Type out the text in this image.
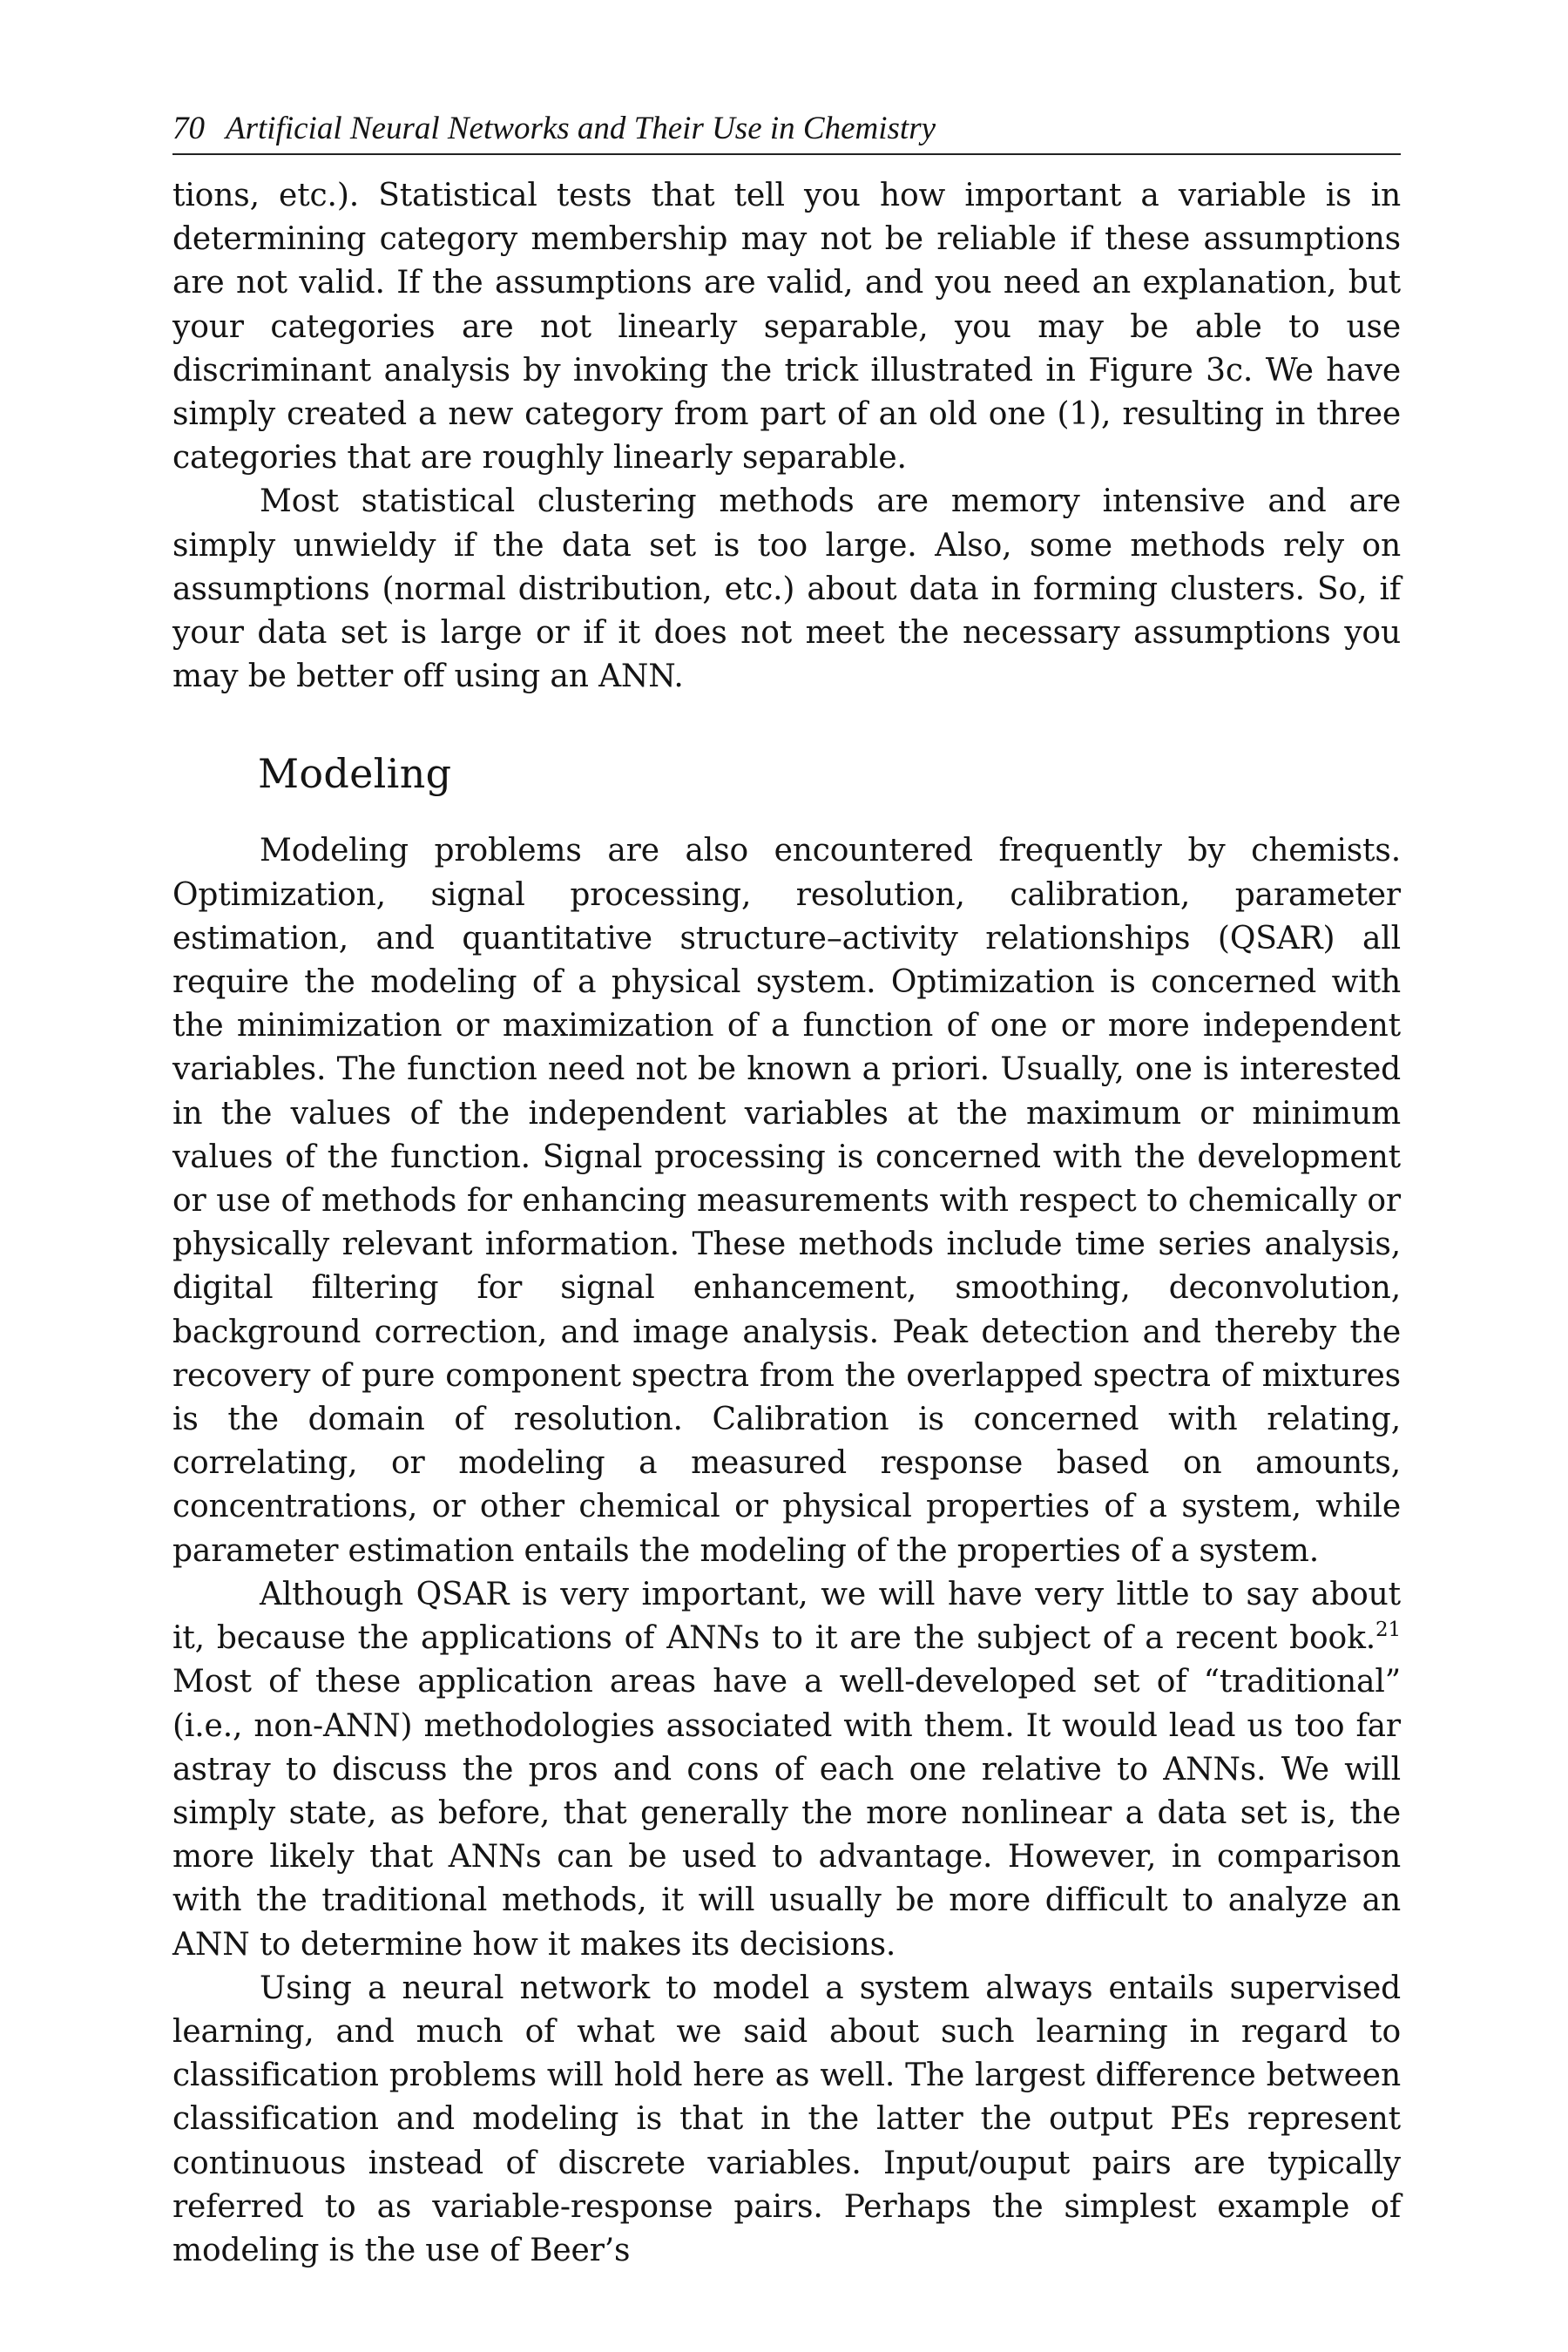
70 Artificial Neural Networks and Their Use in Chemistry

tions, etc.). Statistical tests that tell you how important a variable is in determining category membership may not be reliable if these assumptions are not valid. If the assumptions are valid, and you need an explanation, but your categories are not linearly separable, you may be able to use discriminant analysis by invoking the trick illustrated in Figure 3c. We have simply created a new category from part of an old one (1), resulting in three categories that are roughly linearly separable.

Most statistical clustering methods are memory intensive and are simply unwieldy if the data set is too large. Also, some methods rely on assumptions (normal distribution, etc.) about data in forming clusters. So, if your data set is large or if it does not meet the necessary assumptions you may be better off using an ANN.

Modeling

Modeling problems are also encountered frequently by chemists. Optimization, signal processing, resolution, calibration, parameter estimation, and quantitative structure–activity relationships (QSAR) all require the modeling of a physical system. Optimization is concerned with the minimization or maximization of a function of one or more independent variables. The function need not be known a priori. Usually, one is interested in the values of the independent variables at the maximum or minimum values of the function. Signal processing is concerned with the development or use of methods for enhancing measurements with respect to chemically or physically relevant information. These methods include time series analysis, digital filtering for signal enhancement, smoothing, deconvolution, background correction, and image analysis. Peak detection and thereby the recovery of pure component spectra from the overlapped spectra of mixtures is the domain of resolution. Calibration is concerned with relating, correlating, or modeling a measured response based on amounts, concentrations, or other chemical or physical properties of a system, while parameter estimation entails the modeling of the properties of a system.

Although QSAR is very important, we will have very little to say about it, because the applications of ANNs to it are the subject of a recent book.$^{21}$ Most of these application areas have a well-developed set of “traditional” (i.e., non-ANN) methodologies associated with them. It would lead us too far astray to discuss the pros and cons of each one relative to ANNs. We will simply state, as before, that generally the more nonlinear a data set is, the more likely that ANNs can be used to advantage. However, in comparison with the traditional methods, it will usually be more difficult to analyze an ANN to determine how it makes its decisions.

Using a neural network to model a system always entails supervised learning, and much of what we said about such learning in regard to classification problems will hold here as well. The largest difference between classification and modeling is that in the latter the output PEs represent continuous instead of discrete variables. Input/ouput pairs are typically referred to as variable-response pairs. Perhaps the simplest example of modeling is the use of Beer’s
